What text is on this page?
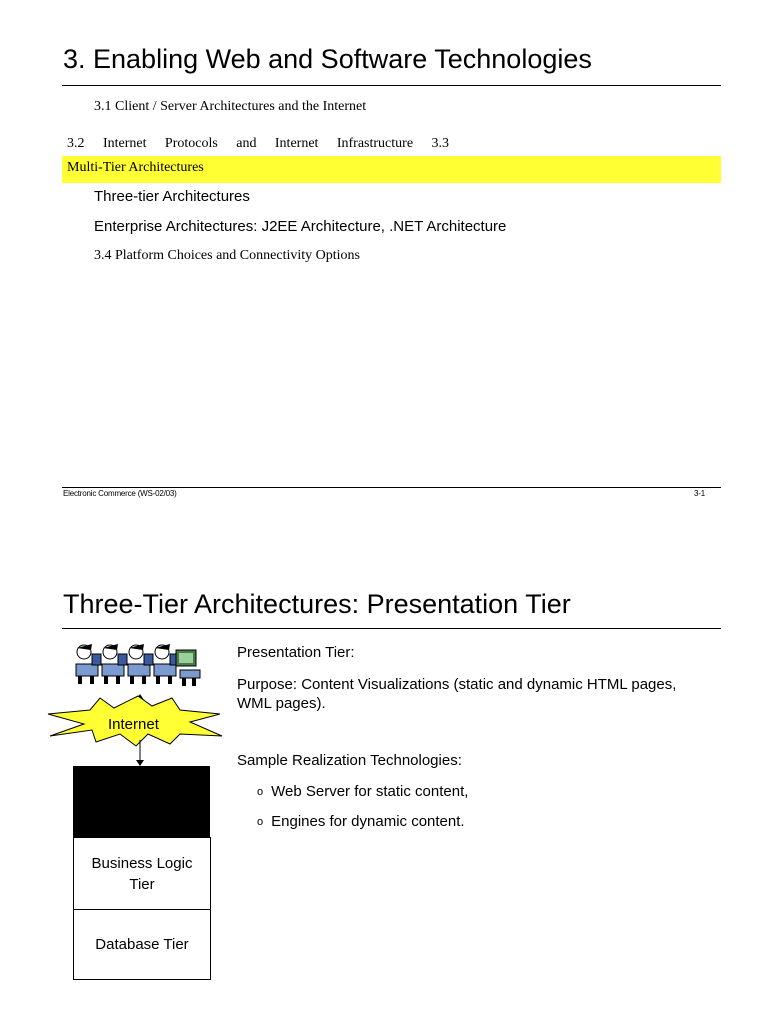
3. Enabling Web and Software Technologies
3.1 Client / Server Architectures and the Internet
3.2 Internet Protocols and Internet Infrastructure 3.3
Multi-Tier Architectures
Three-tier Architectures
Enterprise Architectures: J2EE Architecture, .NET Architecture
3.4 Platform Choices and Connectivity Options
Electronic Commerce (WS-02/03)	3-1
Three-Tier Architectures: Presentation Tier
Internet
Business Logic Tier
Database Tier
Presentation Tier:
Purpose: Content Visualizations (static and dynamic HTML pages, WML pages).
Sample Realization Technologies:
o Web Server for static content,
o Engines for dynamic content.
